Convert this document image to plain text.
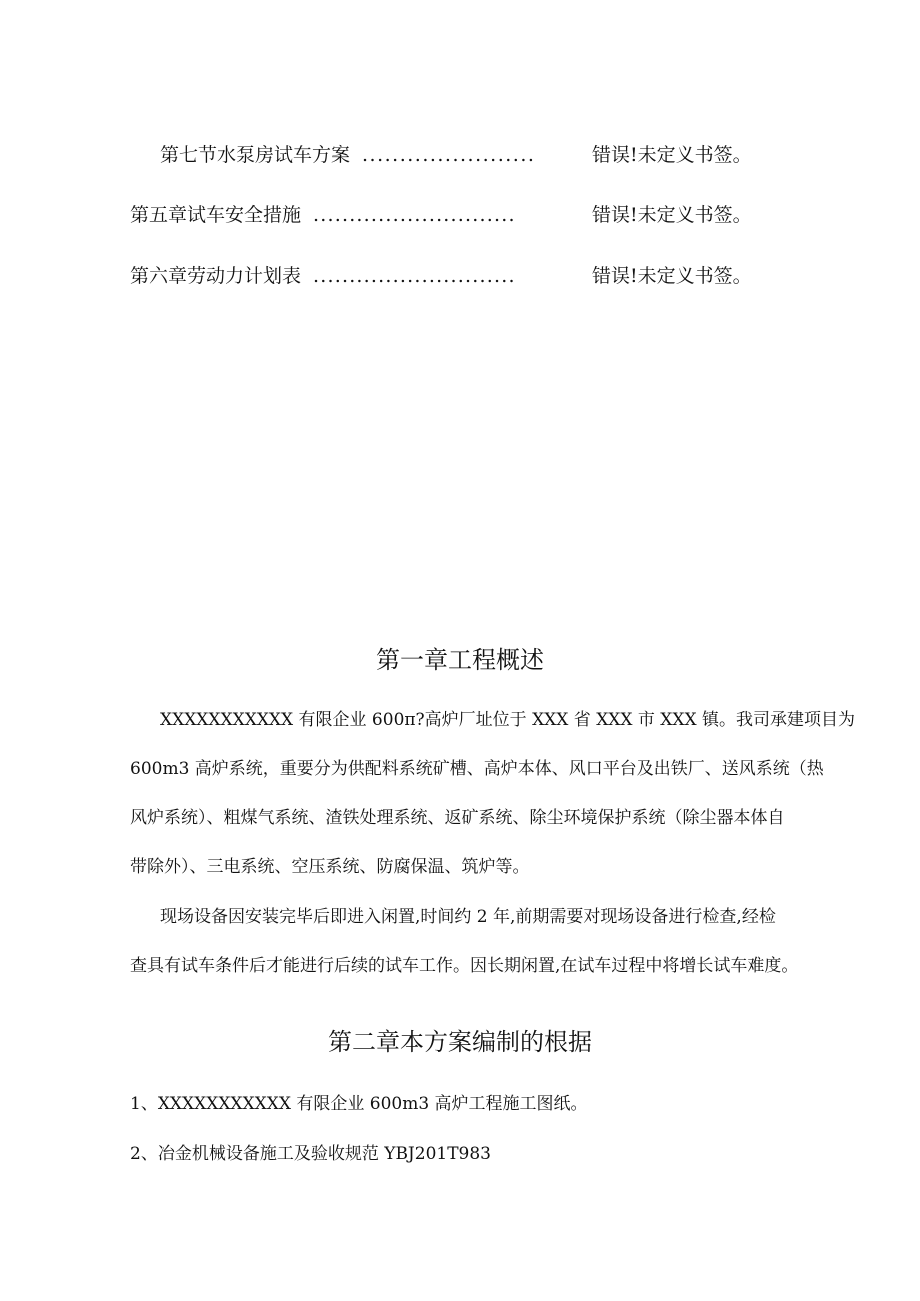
第七节水泵房试车方案 .......................	错误!未定义书签。
第五章试车安全措施 ............................	错误!未定义书签。
第六章劳动力计划表 ............................	错误!未定义书签。
第一章工程概述
XXXXXXXXXXX 有限企业 600π?高炉厂址位于 XXX 省 XXX 市 XXX 镇。我司承建项目为
600m3 高炉系统，重要分为供配料系统矿槽、高炉本体、风口平台及出铁厂、送风系统（热
风炉系统）、粗煤气系统、渣铁处理系统、返矿系统、除尘环境保护系统（除尘器本体自
带除外）、三电系统、空压系统、防腐保温、筑炉等。
现场设备因安装完毕后即进入闲置,时间约 2 年,前期需要对现场设备进行检查,经检
查具有试车条件后才能进行后续的试车工作。因长期闲置,在试车过程中将增长试车难度。
第二章本方案编制的根据
1、XXXXXXXXXXX 有限企业 600m3 高炉工程施工图纸。
2、冶金机械设备施工及验收规范 YBJ201T983
